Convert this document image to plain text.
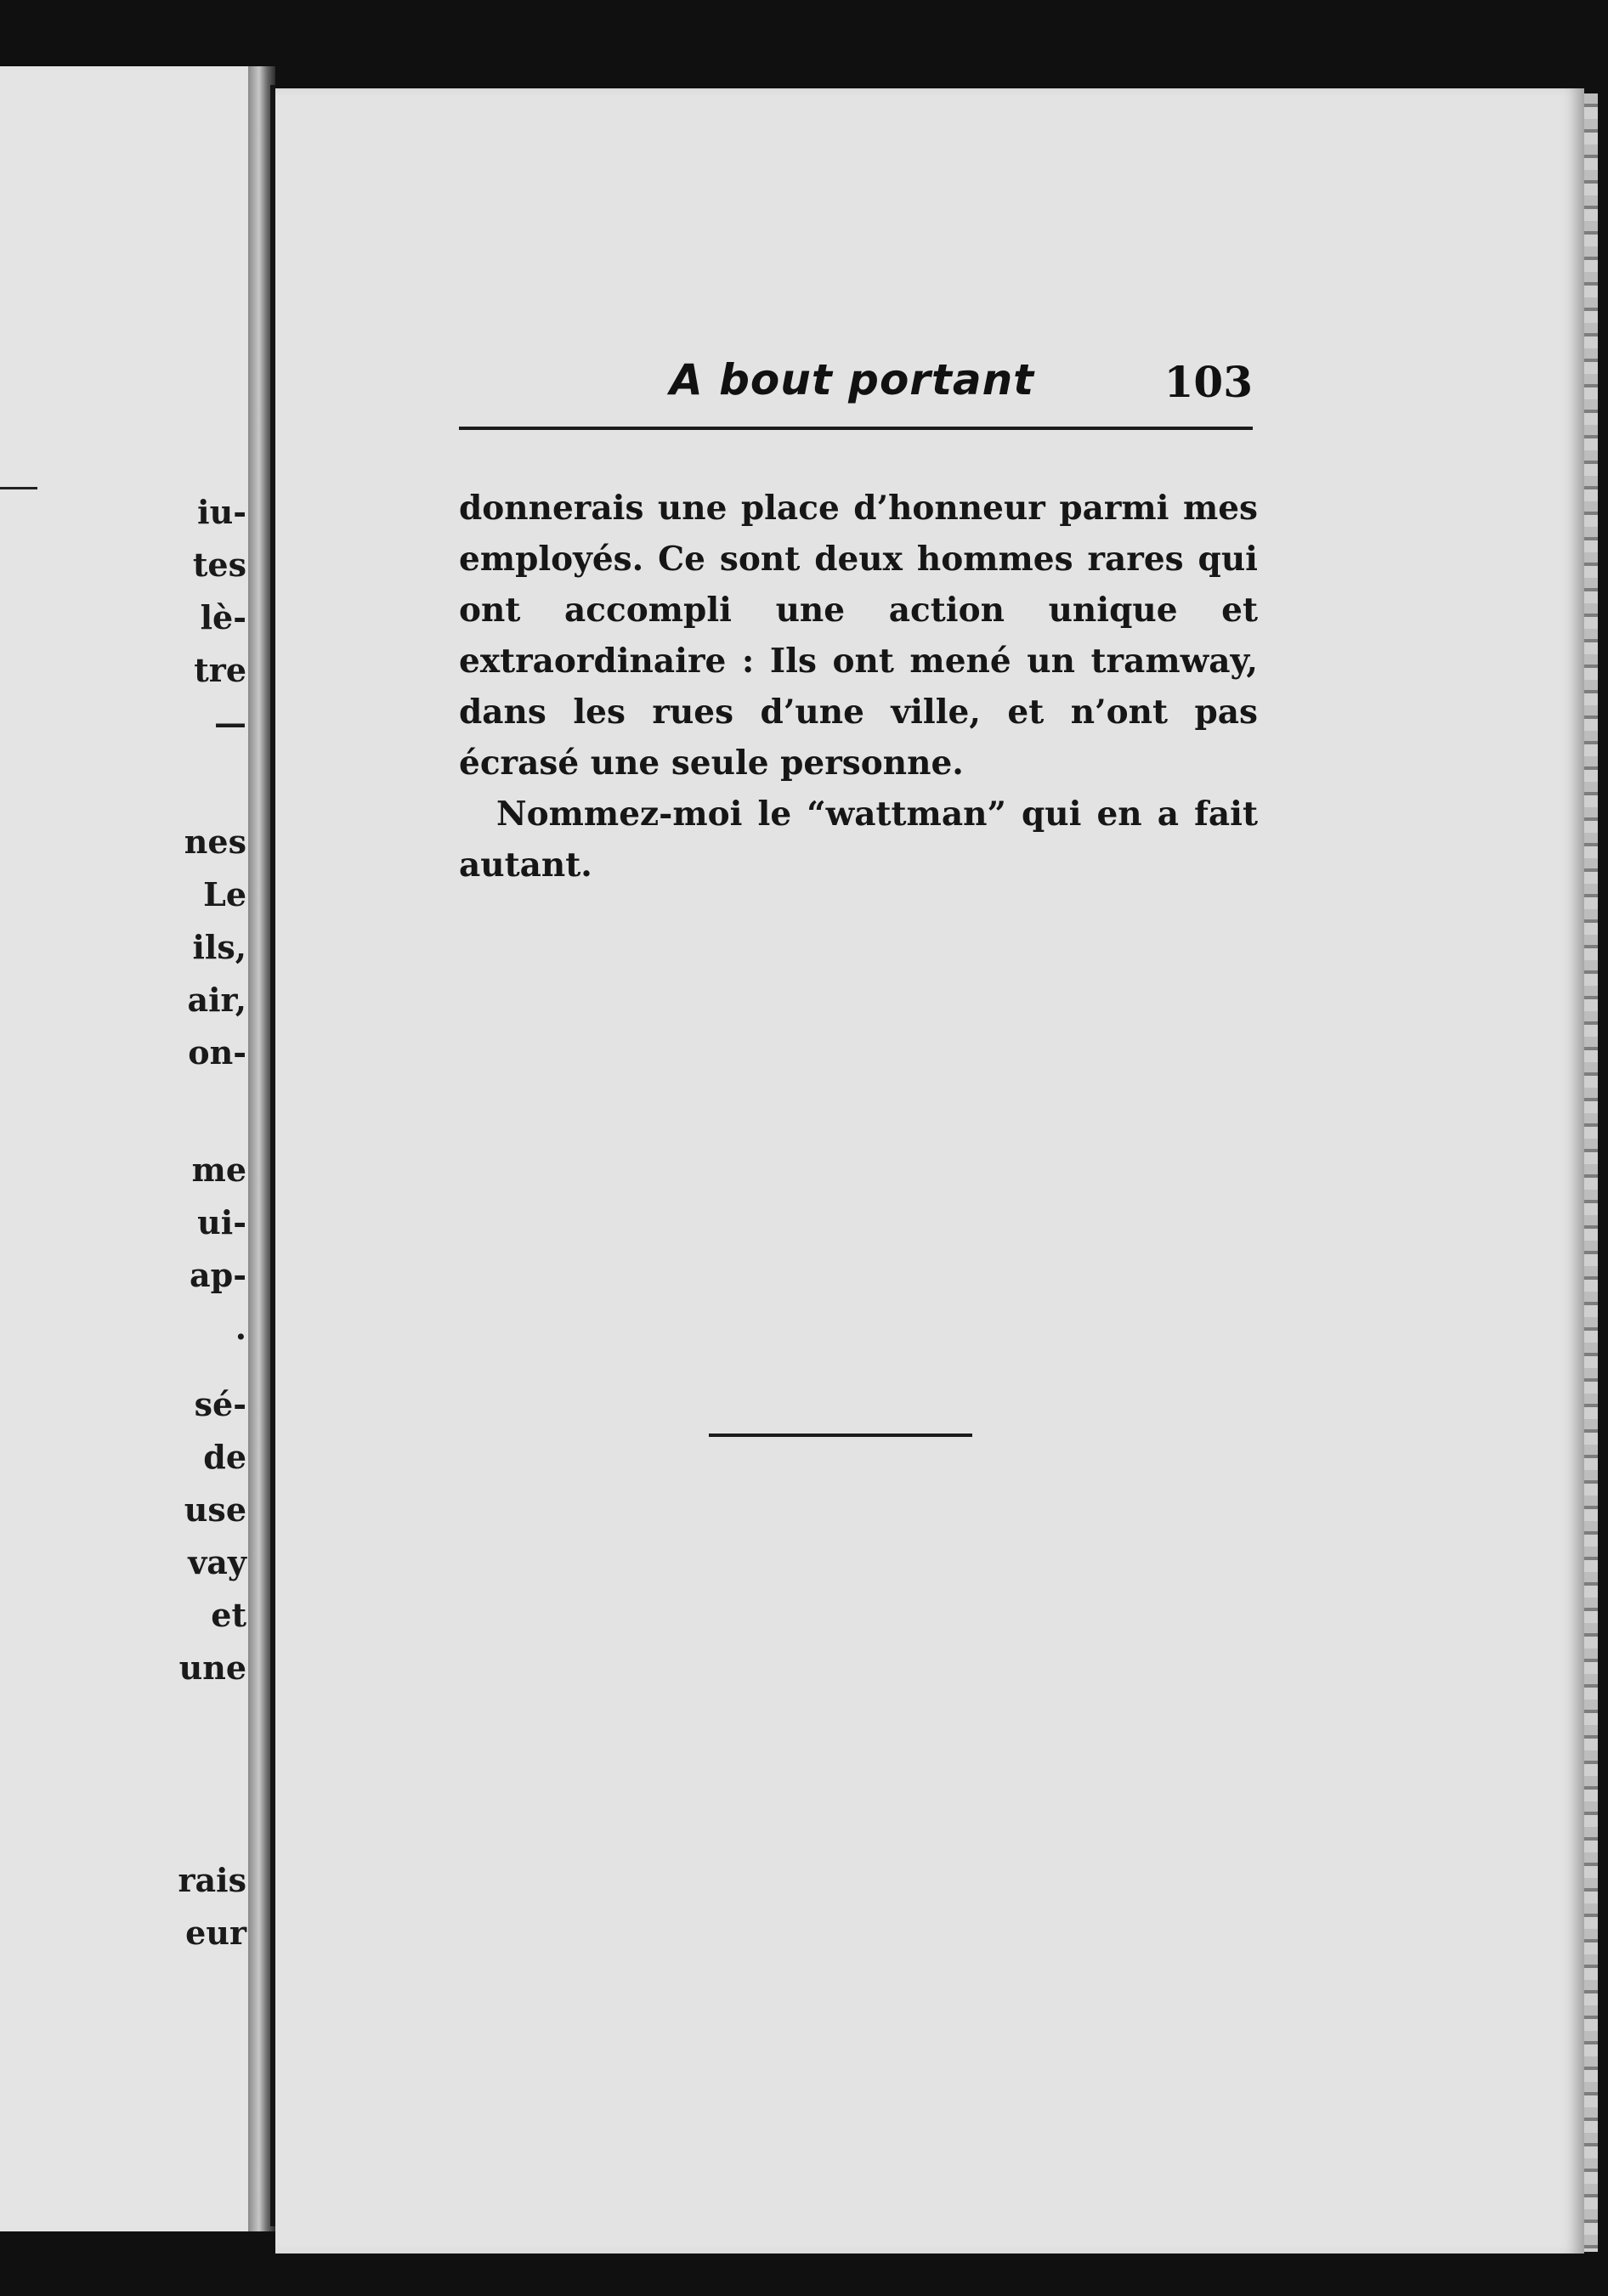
iu-
tes
lè-
tre
—
nes
Le
ils,
air,
on-
me
ui-
ap-
.
sé-
de
use
vay
et
une
rais
eur
A bout portant	103

donnerais une place d’honneur parmi mes employés. Ce sont deux hommes rares qui ont accompli une action unique et extraordinaire : Ils ont mené un tramway, dans les rues d’une ville, et n’ont pas écrasé une seule personne.

Nommez-moi le “wattman” qui en a fait autant.
